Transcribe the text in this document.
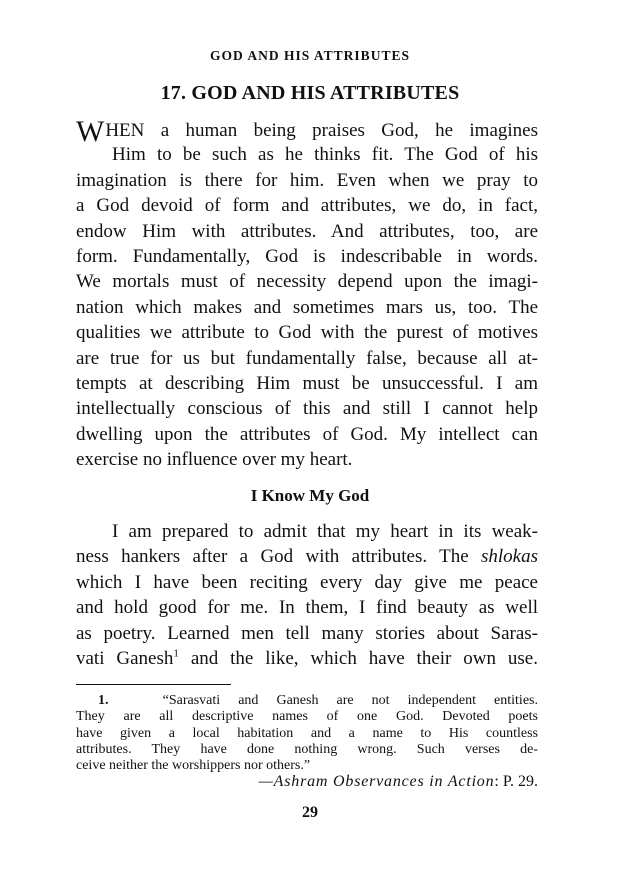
GOD AND HIS ATTRIBUTES
17. GOD AND HIS ATTRIBUTES
WHEN a human being praises God, he imagines
Him to be such as he thinks fit. The God of his
imagination is there for him. Even when we pray to
a God devoid of form and attributes, we do, in fact,
endow Him with attributes. And attributes, too, are
form. Fundamentally, God is indescribable in words.
We mortals must of necessity depend upon the imagi-
nation which makes and sometimes mars us, too. The
qualities we attribute to God with the purest of motives
are true for us but fundamentally false, because all at-
tempts at describing Him must be unsuccessful. I am
intellectually conscious of this and still I cannot help
dwelling upon the attributes of God. My intellect can
exercise no influence over my heart.
I Know My God
I am prepared to admit that my heart in its weak-
ness hankers after a God with attributes. The shlokas
which I have been reciting every day give me peace
and hold good for me. In them, I find beauty as well
as poetry. Learned men tell many stories about Saras-
vati Ganesh$^1$ and the like, which have their own use.
1.	“Sarasvati and Ganesh are not independent entities.
They are all descriptive names of one God. Devoted poets
have given a local habitation and a name to His countless
attributes. They have done nothing wrong. Such verses de-
ceive neither the worshippers nor others.”
—Ashram Observances in Action: P. 29.
29
